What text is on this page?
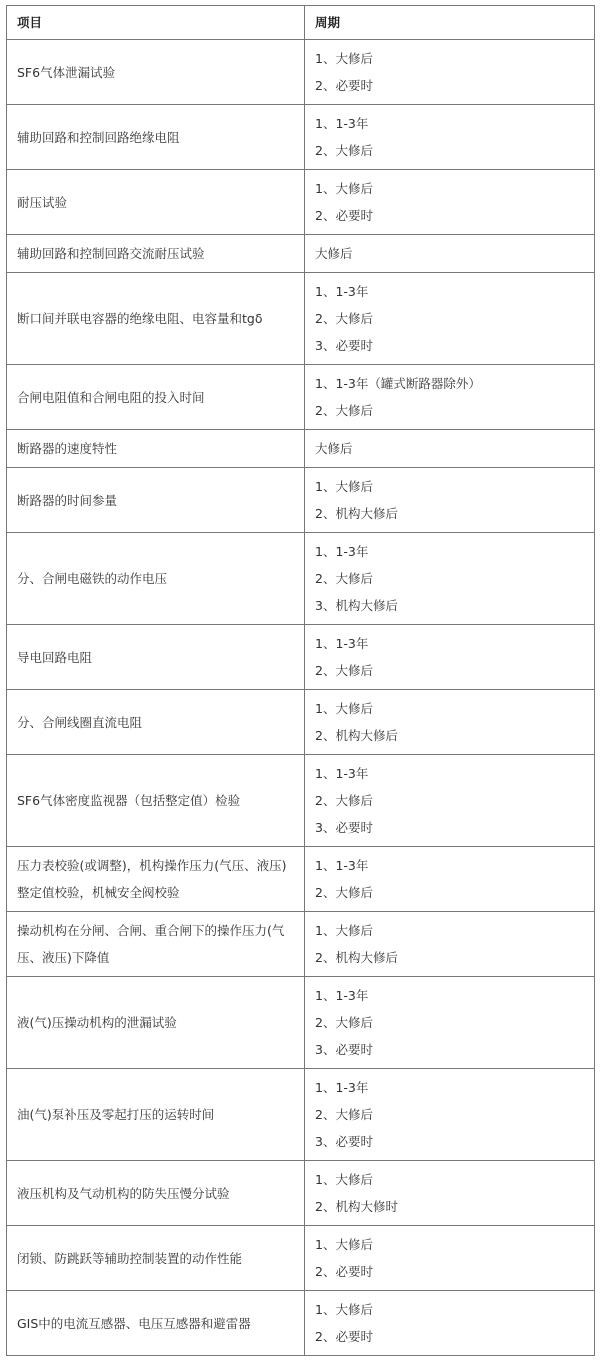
项目	周期
SF6气体泄漏试验	1、大修后
2、必要时

辅助回路和控制回路绝缘电阻	1、1-3年
2、大修后

耐压试验	1、大修后
2、必要时

辅助回路和控制回路交流耐压试验	大修后

断口间并联电容器的绝缘电阻、电容量和tgδ	1、1-3年
2、大修后
3、必要时

合闸电阻值和合闸电阻的投入时间	1、1-3年（罐式断路器除外）
2、大修后

断路器的速度特性	大修后

断路器的时间参量	1、大修后
2、机构大修后

分、合闸电磁铁的动作电压	1、1-3年
2、大修后
3、机构大修后

导电回路电阻	1、1-3年
2、大修后

分、合闸线圈直流电阻	1、大修后
2、机构大修后

SF6气体密度监视器（包括整定值）检验	1、1-3年
2、大修后
3、必要时

压力表校验(或调整)，机构操作压力(气压、液压)整定值校验，机械安全阀校验	1、1-3年
2、大修后

操动机构在分闸、合闸、重合闸下的操作压力(气压、液压)下降值	1、大修后
2、机构大修后

液(气)压操动机构的泄漏试验	1、1-3年
2、大修后
3、必要时

油(气)泵补压及零起打压的运转时间	1、1-3年
2、大修后
3、必要时

液压机构及气动机构的防失压慢分试验	1、大修后
2、机构大修时

闭锁、防跳跃等辅助控制装置的动作性能	1、大修后
2、必要时

GIS中的电流互感器、电压互感器和避雷器	1、大修后
2、必要时
